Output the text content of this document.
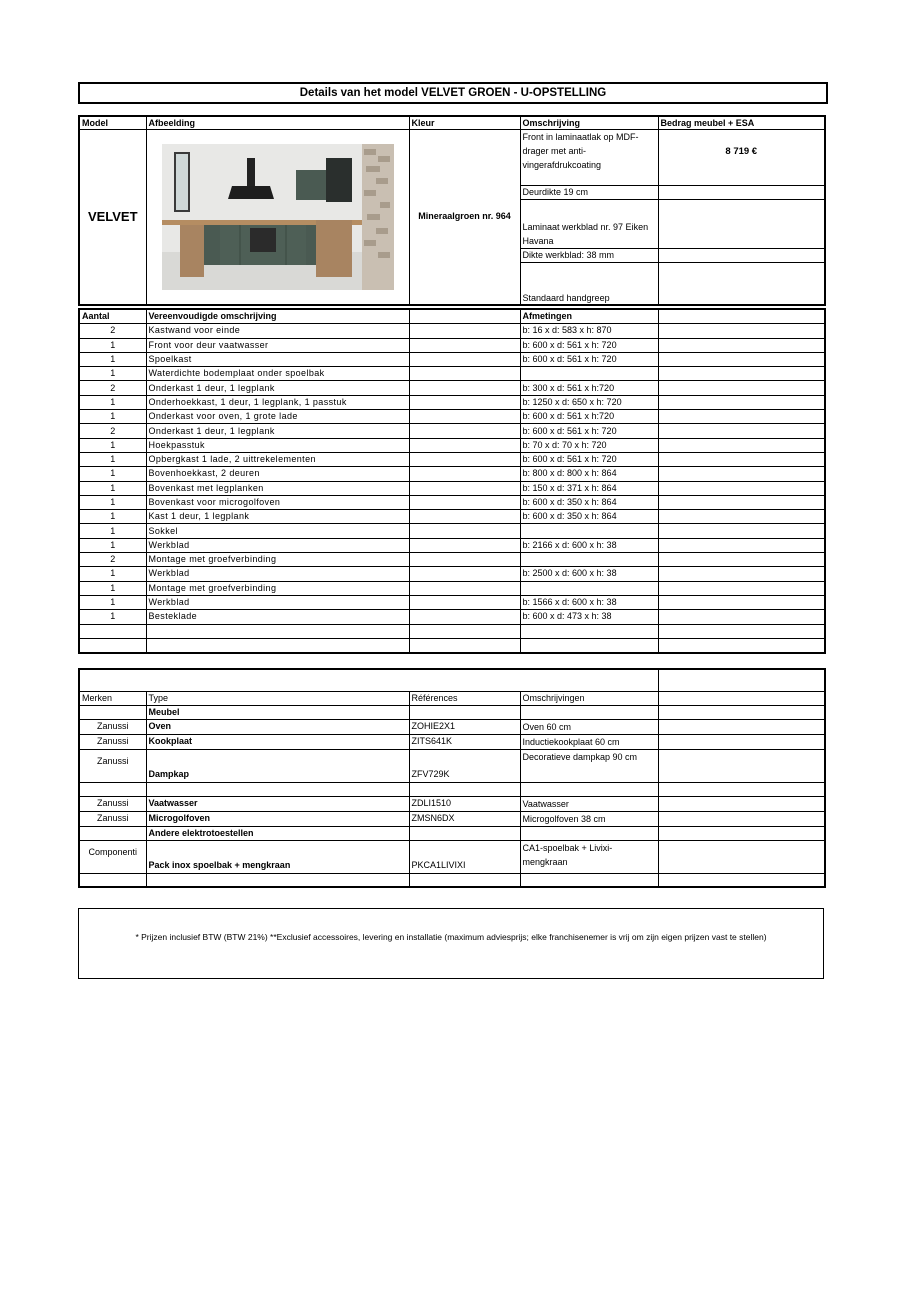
Details van het model VELVET GROEN - U-OPSTELLING
Model	Afbeelding	Kleur	Omschrijving	Bedrag meubel + ESA
VELVET		Mineraalgroen nr. 964	Front in laminaatlak op MDF-drager met anti-vingerafdrukcoating	8 719 €
			Deurdikte 19 cm	
			Laminaat werkblad nr. 97 Eiken Havana	
			Dikte werkblad: 38 mm	
			Standaard handgreep	
Aantal	Vereenvoudigde omschrijving		Afmetingen	
2	Kastwand voor einde		b: 16 x d: 583 x h: 870	
1	Front voor deur vaatwasser		b: 600 x d: 561 x h: 720	
1	Spoelkast		b: 600 x d: 561 x h: 720	
1	Waterdichte bodemplaat onder spoelbak			
2	Onderkast 1 deur, 1 legplank		b: 300 x d: 561 x h:720	
1	Onderhoekkast, 1 deur, 1 legplank, 1 passtuk		b: 1250 x d: 650 x h: 720	
1	Onderkast voor oven, 1 grote lade		b: 600 x d: 561 x h:720	
2	Onderkast 1 deur, 1 legplank		b: 600 x d: 561 x h: 720	
1	Hoekpasstuk		b: 70 x d: 70 x h: 720	
1	Opbergkast 1 lade, 2 uittrekelementen		b: 600 x d: 561 x h: 720	
1	Bovenhoekkast, 2 deuren		b: 800 x d: 800 x h: 864	
1	Bovenkast met legplanken		b: 150 x d: 371 x h: 864	
1	Bovenkast voor microgolfoven		b: 600 x d: 350 x h: 864	
1	Kast 1 deur, 1 legplank		b: 600 x d: 350 x h: 864	
1	Sokkel			
1	Werkblad		b: 2166 x d: 600 x h: 38	
2	Montage met groefverbinding			
1	Werkblad		b: 2500 x d: 600 x h: 38	
1	Montage met groefverbinding			
1	Werkblad		b: 1566 x d: 600 x h: 38	
1	Besteklade		b: 600 x d: 473 x h: 38	

Merken	Type	Références	Omschrijvingen	
	Meubel			
Zanussi	Oven	ZOHIE2X1	Oven 60 cm	
Zanussi	Kookplaat	ZITS641K	Inductiekookplaat 60 cm	
Zanussi	Dampkap	ZFV729K	Decoratieve dampkap 90 cm	

Zanussi	Vaatwasser	ZDLI1510	Vaatwasser	
Zanussi	Microgolfoven	ZMSN6DX	Microgolfoven 38 cm	
	Andere elektrotoestellen			
Componenti	Pack inox spoelbak + mengkraan	PKCA1LIVIXI	CA1-spoelbak + Livixi-mengkraan	

* Prijzen inclusief BTW (BTW 21%) **Exclusief accessoires, levering en installatie (maximum adviesprijs; elke franchisenemer is vrij om zijn eigen prijzen vast te stellen)
